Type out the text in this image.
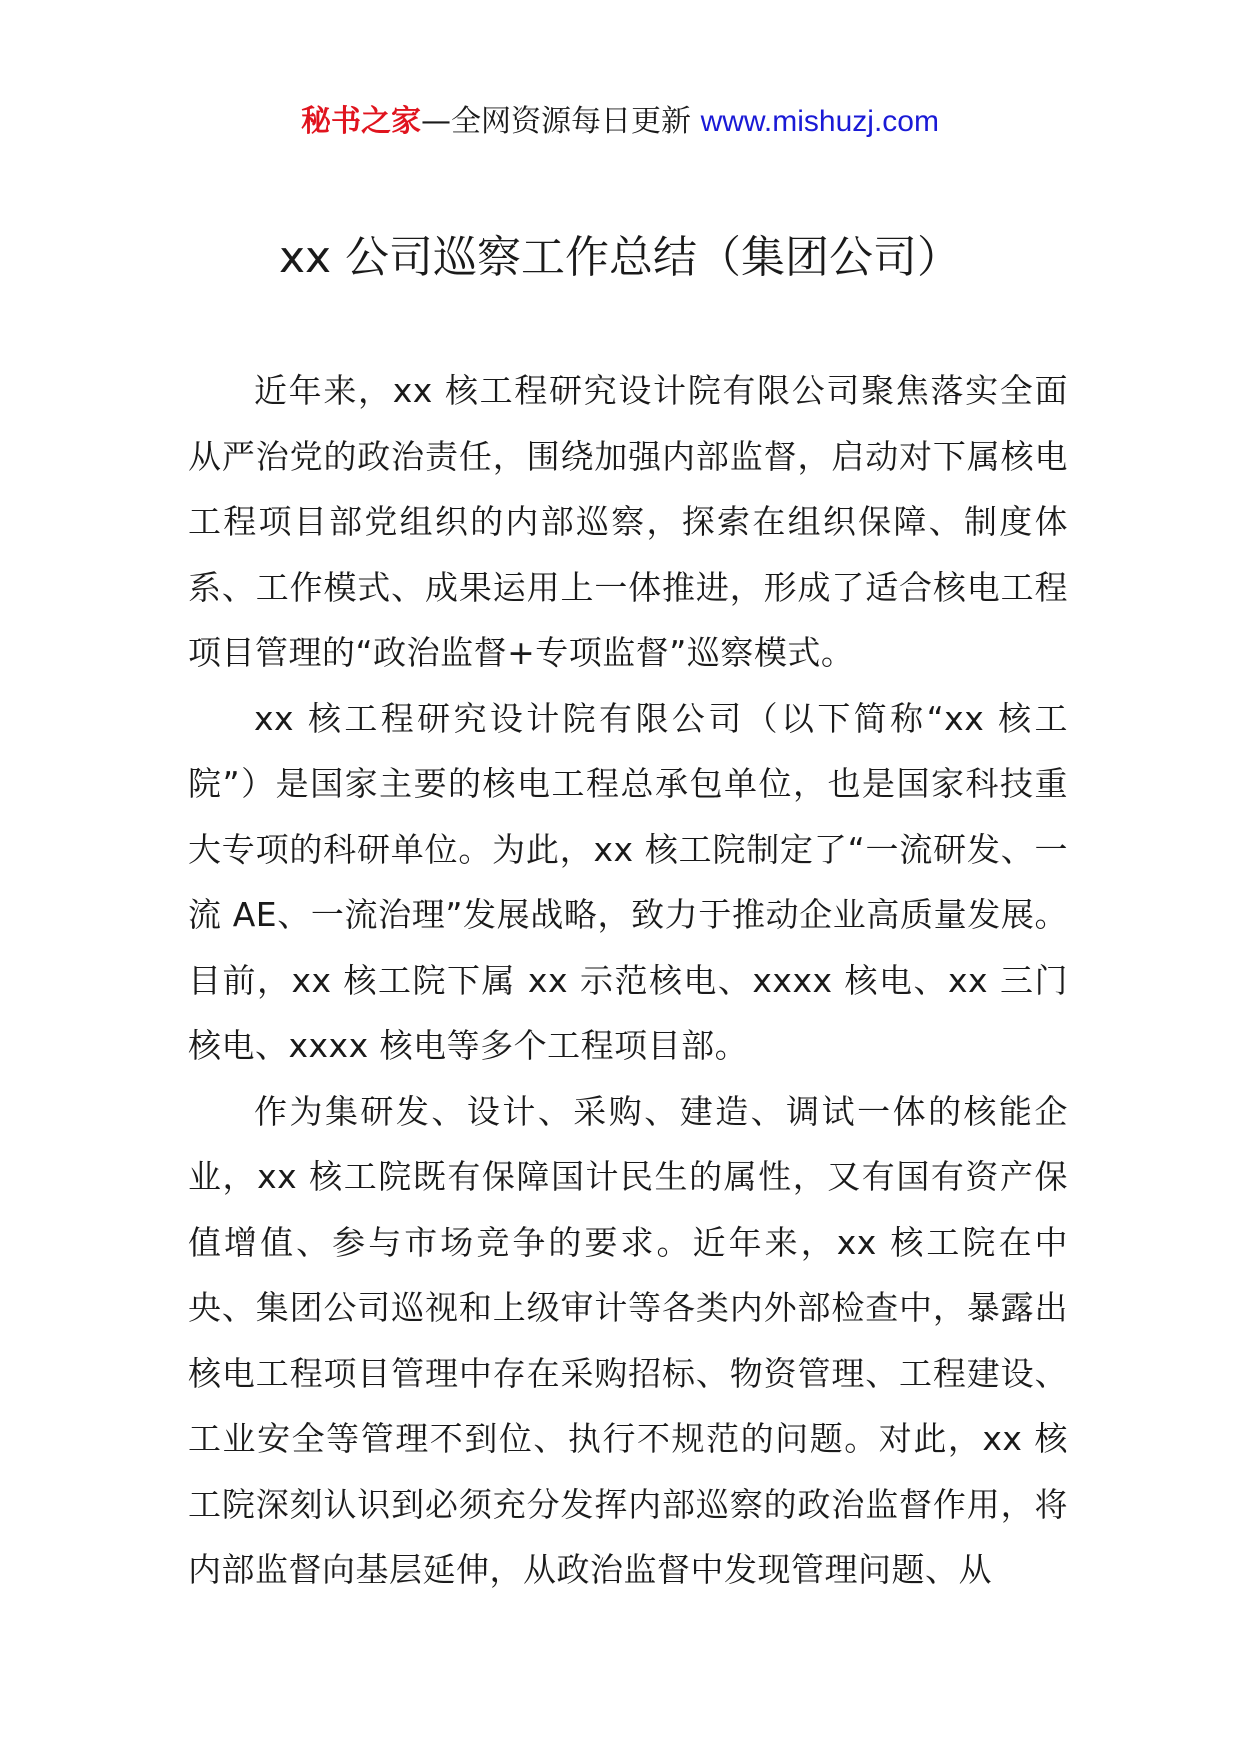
秘书之家—全网资源每日更新 www.mishuzj.com
xx 公司巡察工作总结（集团公司）

近年来，xx 核工程研究设计院有限公司聚焦落实全面从严治党的政治责任，围绕加强内部监督，启动对下属核电工程项目部党组织的内部巡察，探索在组织保障、制度体系、工作模式、成果运用上一体推进，形成了适合核电工程项目管理的“政治监督+专项监督”巡察模式。

xx 核工程研究设计院有限公司（以下简称“xx 核工院”）是国家主要的核电工程总承包单位，也是国家科技重大专项的科研单位。为此，xx 核工院制定了“一流研发、一流 AE、一流治理”发展战略，致力于推动企业高质量发展。目前，xx 核工院下属 xx 示范核电、xxxx 核电、xx 三门核电、xxxx 核电等多个工程项目部。

作为集研发、设计、采购、建造、调试一体的核能企业，xx 核工院既有保障国计民生的属性，又有国有资产保值增值、参与市场竞争的要求。近年来，xx 核工院在中央、集团公司巡视和上级审计等各类内外部检查中，暴露出核电工程项目管理中存在采购招标、物资管理、工程建设、工业安全等管理不到位、执行不规范的问题。对此，xx 核工院深刻认识到必须充分发挥内部巡察的政治监督作用，将内部监督向基层延伸，从政治监督中发现管理问题、从
